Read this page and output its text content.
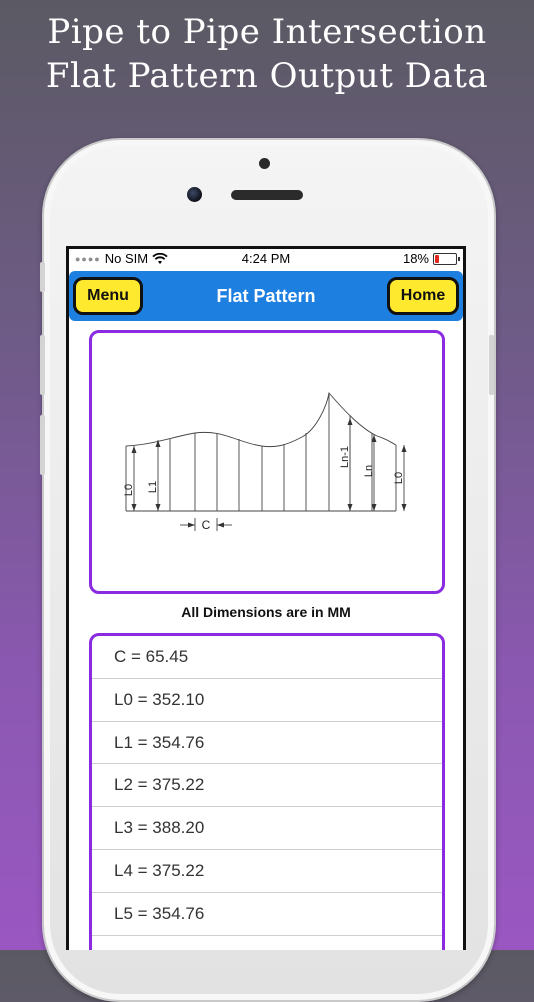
Pipe to Pipe Intersection
Flat Pattern Output Data
●●●● No SIM	4:24 PM	18%
Flat Pattern
Menu	Home
L0 L1
Ln-1
Ln
L0
C
All Dimensions are in MM
C = 65.45
L0 = 352.10
L1 = 354.76
L2 = 375.22
L3 = 388.20
L4 = 375.22
L5 = 354.76
